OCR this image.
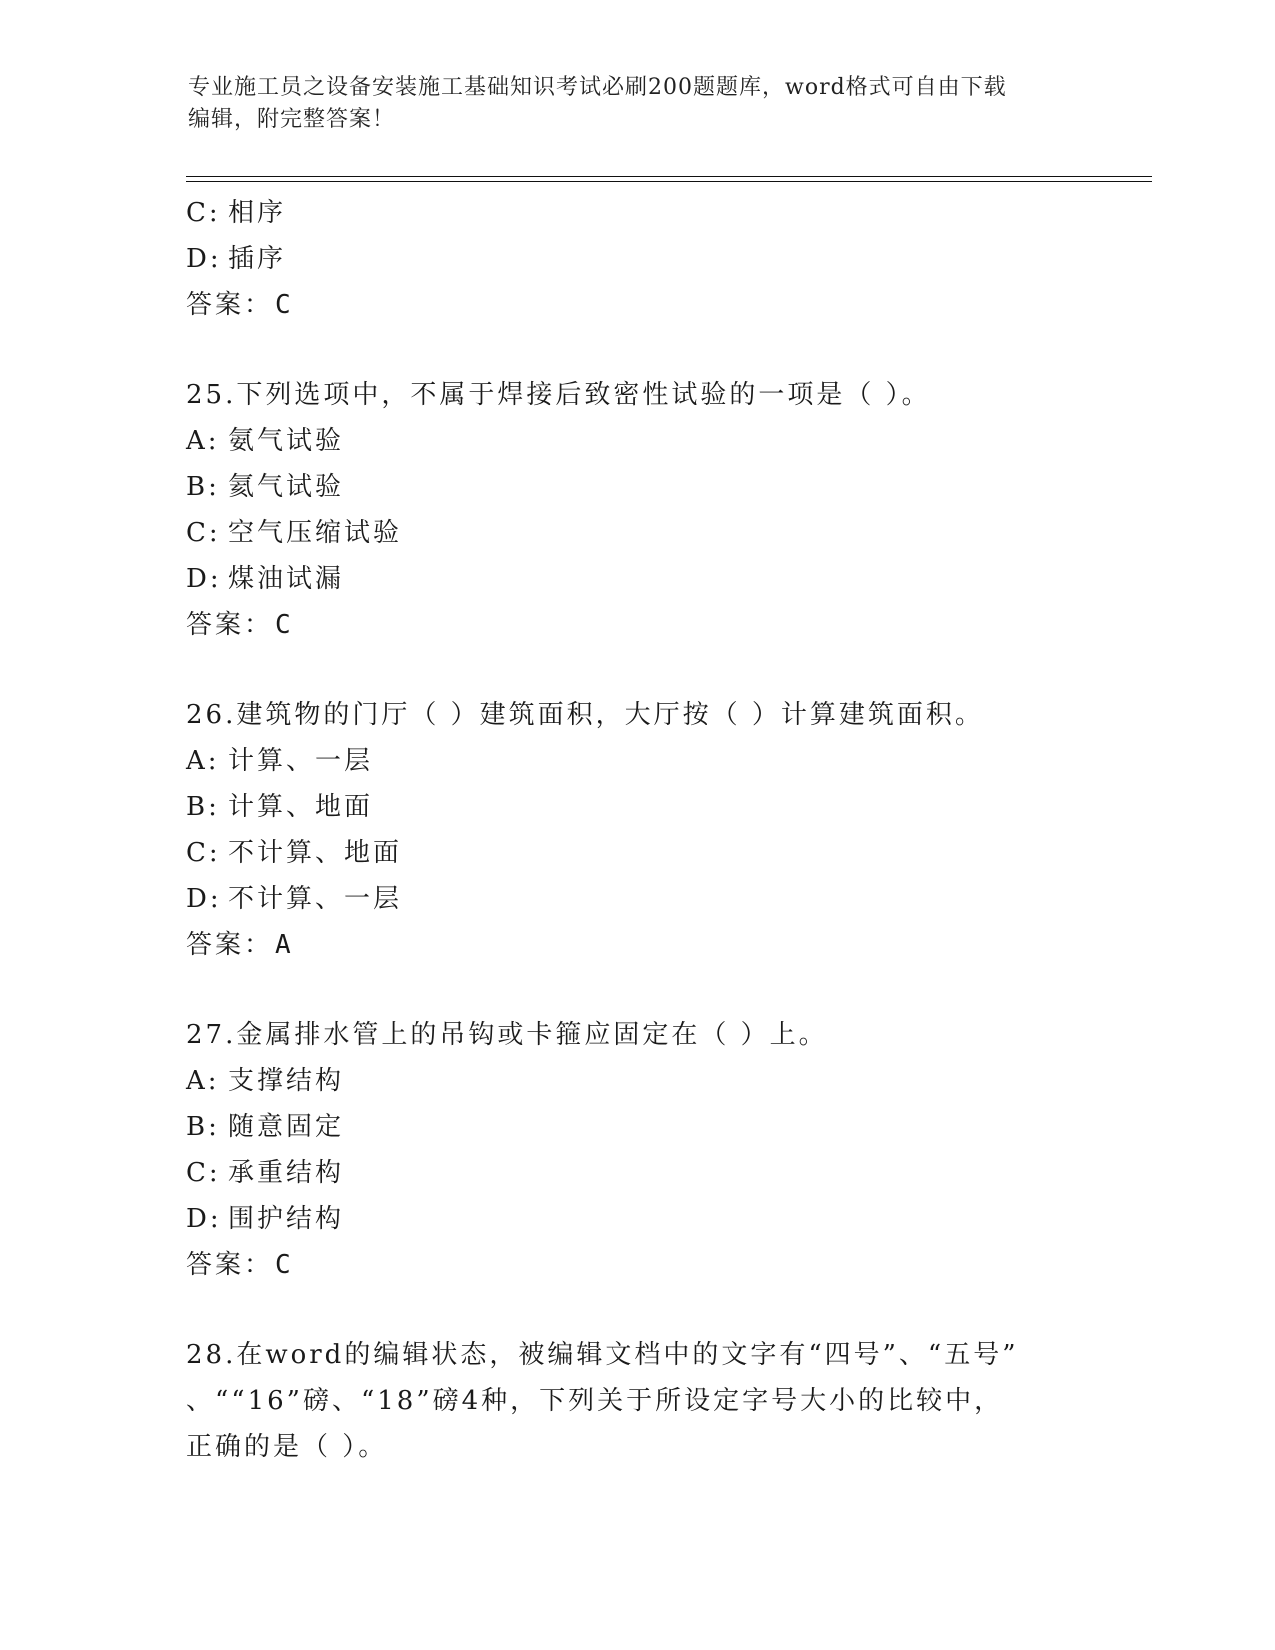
专业施工员之设备安装施工基础知识考试必刷200题题库，word格式可自由下载
编辑，附完整答案！
C: 相序
D: 插序
答案：C
25.下列选项中，不属于焊接后致密性试验的一项是（ ）。
A: 氨气试验
B: 氦气试验
C: 空气压缩试验
D: 煤油试漏
答案：C
26.建筑物的门厅（ ）建筑面积，大厅按（ ）计算建筑面积。
A: 计算、一层
B: 计算、地面
C: 不计算、地面
D: 不计算、一层
答案：A
27.金属排水管上的吊钩或卡箍应固定在（ ）上。
A: 支撑结构
B: 随意固定
C: 承重结构
D: 围护结构
答案：C
28.在word的编辑状态，被编辑文档中的文字有“四号”、“五号”
、““16”磅、“18”磅4种，下列关于所设定字号大小的比较中，
正确的是（ ）。
